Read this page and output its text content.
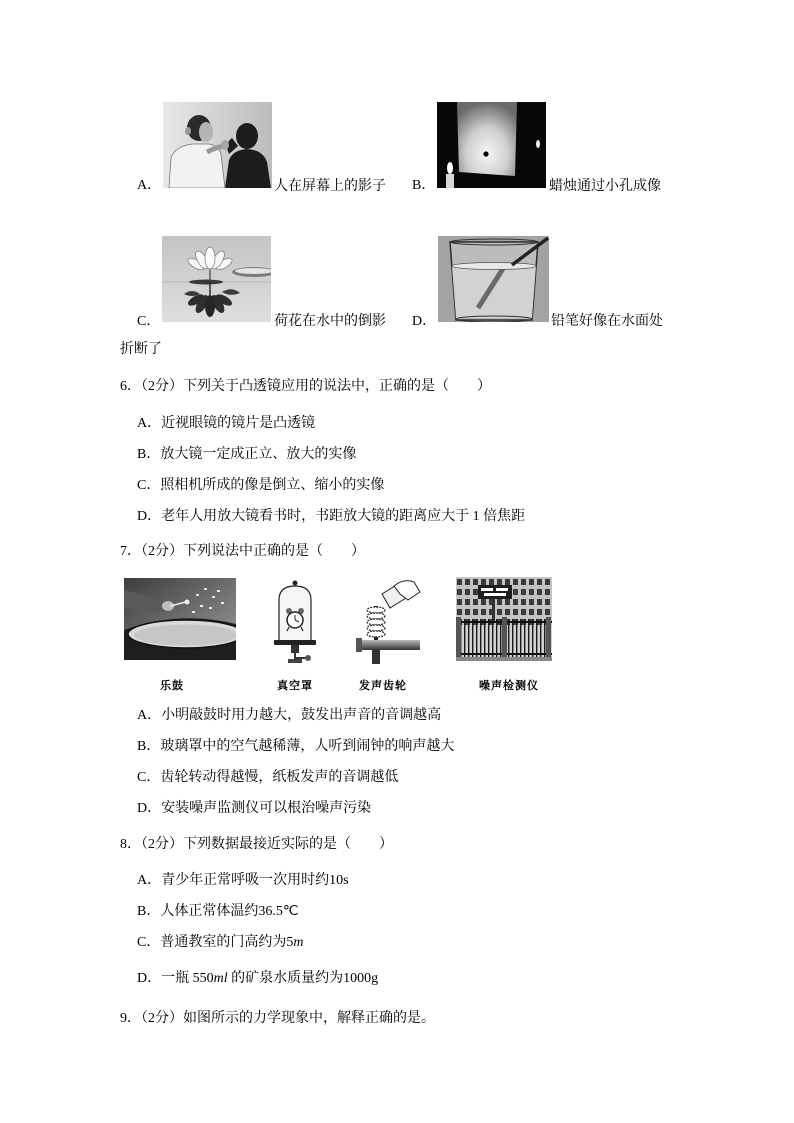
A．	人在屏幕上的影子 B．	蜡烛通过小孔成像
C．	荷花在水中的倒影 D．	铅笔好像在水面处
折断了
6．（2分）下列关于凸透镜应用的说法中，正确的是（　　）
A．近视眼镜的镜片是凸透镜
B．放大镜一定成正立、放大的实像
C．照相机所成的像是倒立、缩小的实像
D．老年人用放大镜看书时，书距放大镜的距离应大于 1 倍焦距
7．（2分）下列说法中正确的是（　　）
乐鼓	真空罩	发声齿轮	噪声检测仪
A．小明敲鼓时用力越大，鼓发出声音的音调越高
B．玻璃罩中的空气越稀薄，人听到闹钟的响声越大
C．齿轮转动得越慢，纸板发声的音调越低
D．安装噪声监测仪可以根治噪声污染
8．（2分）下列数据最接近实际的是（　　）
A．青少年正常呼吸一次用时约10s
B．人体正常体温约36.5℃
C．普通教室的门高约为5m
D．一瓶 550ml 的矿泉水质量约为1000g
9．（2分）如图所示的力学现象中，解释正确的是。
